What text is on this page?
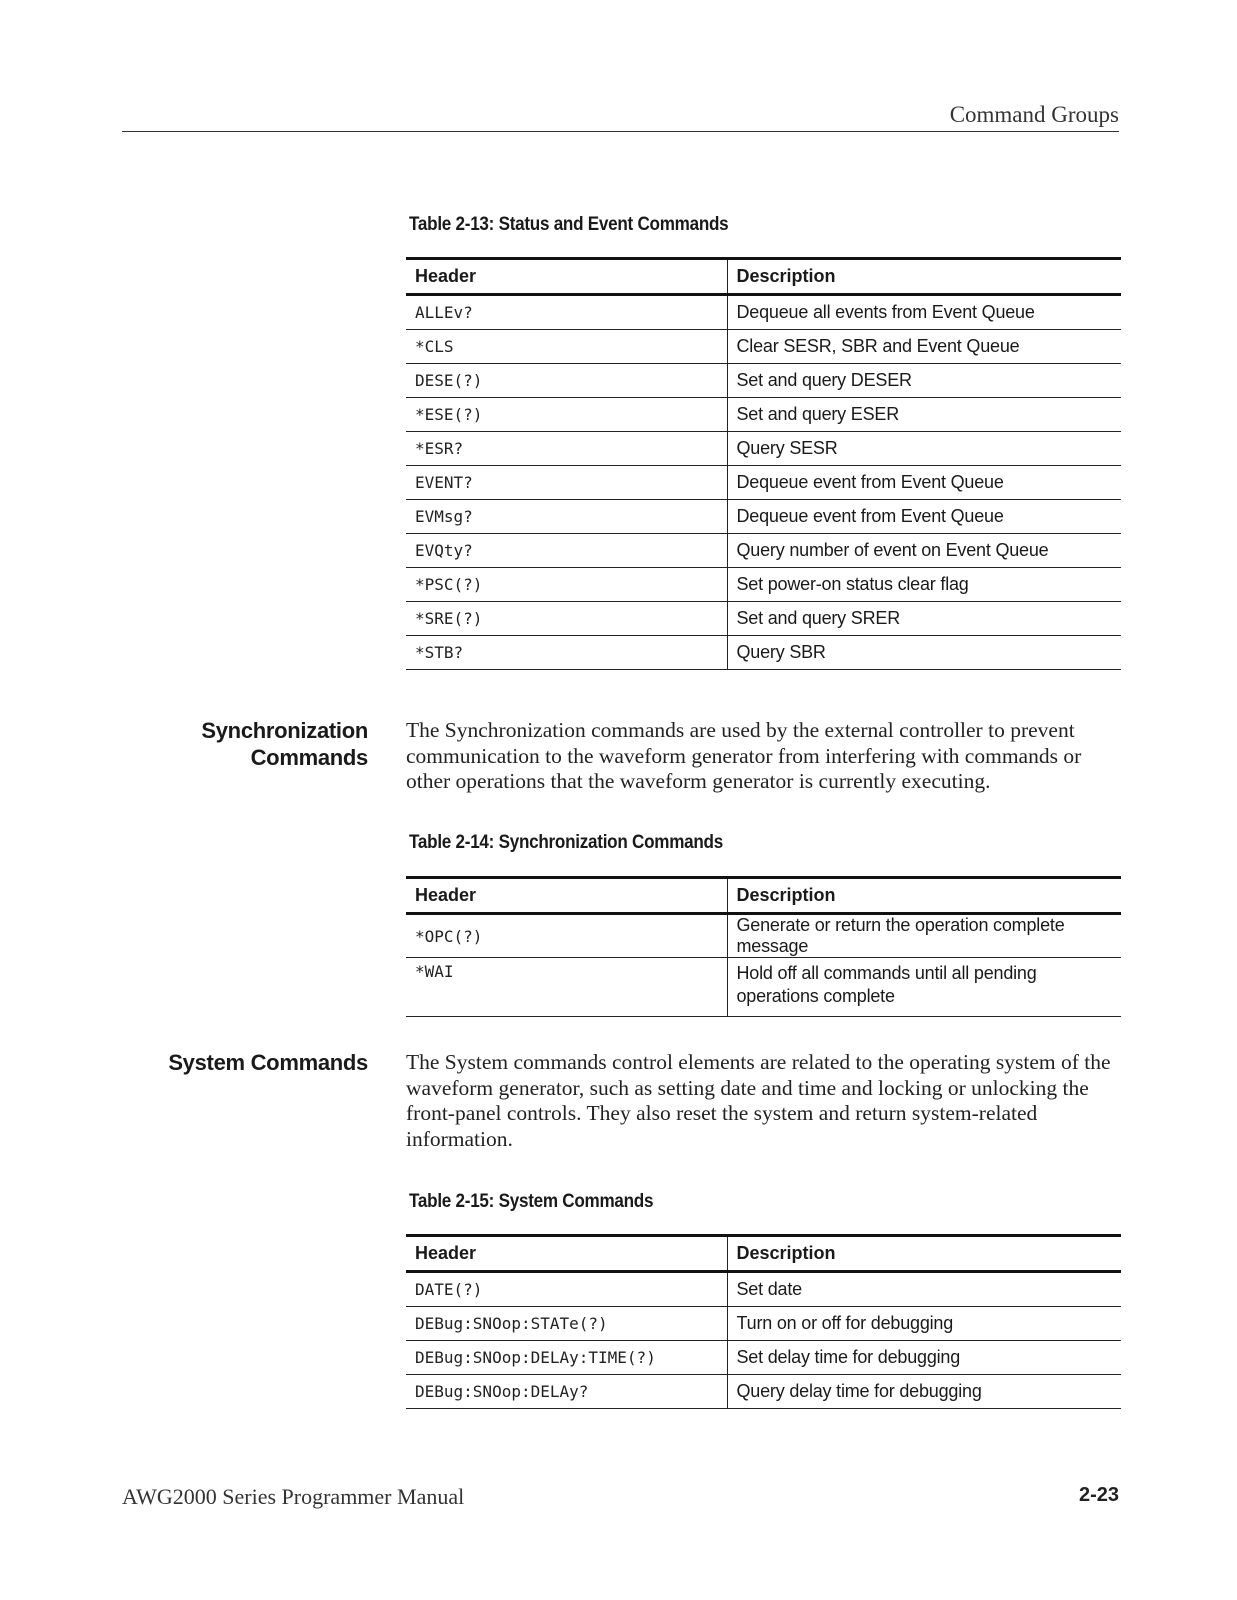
Command Groups
Table 2-13: Status and Event Commands
Header	Description
ALLEv?	Dequeue all events from Event Queue
*CLS	Clear SESR, SBR and Event Queue
DESE(?)	Set and query DESER
*ESE(?)	Set and query ESER
*ESR?	Query SESR
EVENT?	Dequeue event from Event Queue
EVMsg?	Dequeue event from Event Queue
EVQty?	Query number of event on Event Queue
*PSC(?)	Set power-on status clear flag
*SRE(?)	Set and query SRER
*STB?	Query SBR
Synchronization
Commands
The Synchronization commands are used by the external controller to prevent communication to the waveform generator from interfering with commands or other operations that the waveform generator is currently executing.
Table 2-14: Synchronization Commands
Header	Description
*OPC(?)	Generate or return the operation complete message
*WAI	Hold off all commands until all pending operations complete
System Commands The System commands control elements are related to the operating system of the waveform generator, such as setting date and time and locking or unlocking the front-panel controls. They also reset the system and return system-related information.
Table 2-15: System Commands
Header	Description
DATE(?)	Set date
DEBug:SNOop:STATe(?)	Turn on or off for debugging
DEBug:SNOop:DELAy:TIME(?)	Set delay time for debugging
DEBug:SNOop:DELAy?	Query delay time for debugging
AWG2000 Series Programmer Manual	2-23
